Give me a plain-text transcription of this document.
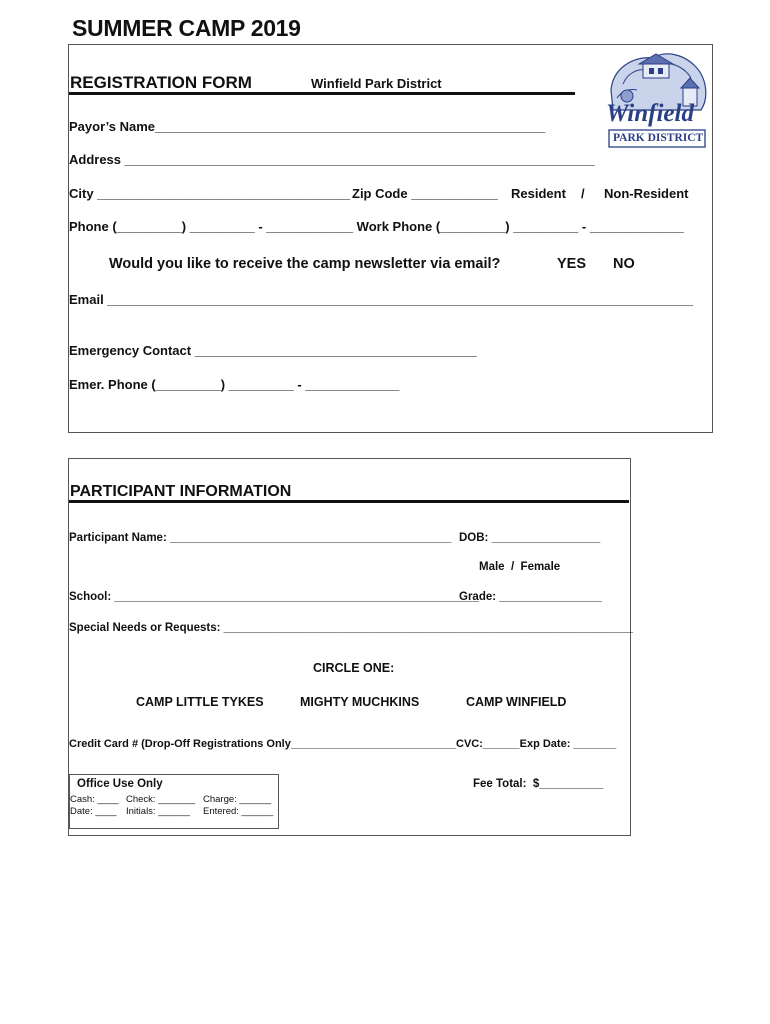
SUMMER CAMP 2019
REGISTRATION FORM	Winfield Park District
Winfield
PARK DISTRICT
Payor’s Name______________________________________________________
Address _________________________________________________________________
City ___________________________________ Zip Code ____________ Resident / Non-Resident
Phone (_________) _________ - ____________ Work Phone (_________) _________ - _____________
Would you like to receive the camp newsletter via email?	YES NO
Email _________________________________________________________________________________
Emergency Contact _______________________________________
Emer. Phone (_________) _________ - _____________
PARTICIPANT INFORMATION
Participant Name: ____________________________________________ DOB: _________________
Male  /  Female
School: _________________________________________________________
Grade: ________________
Special Needs or Requests: ________________________________________________________________
CIRCLE ONE:
CAMP LITTLE TYKES	MIGHTY MUCHKINS	CAMP WINFIELD
Credit Card # (Drop-Off Registrations Only___________________________CVC:______Exp Date: _______
Fee Total:  $__________
Office Use Only
Cash: ____ Check: _______ Charge: ______
Date: ____ Initials: ______ Entered: ______
